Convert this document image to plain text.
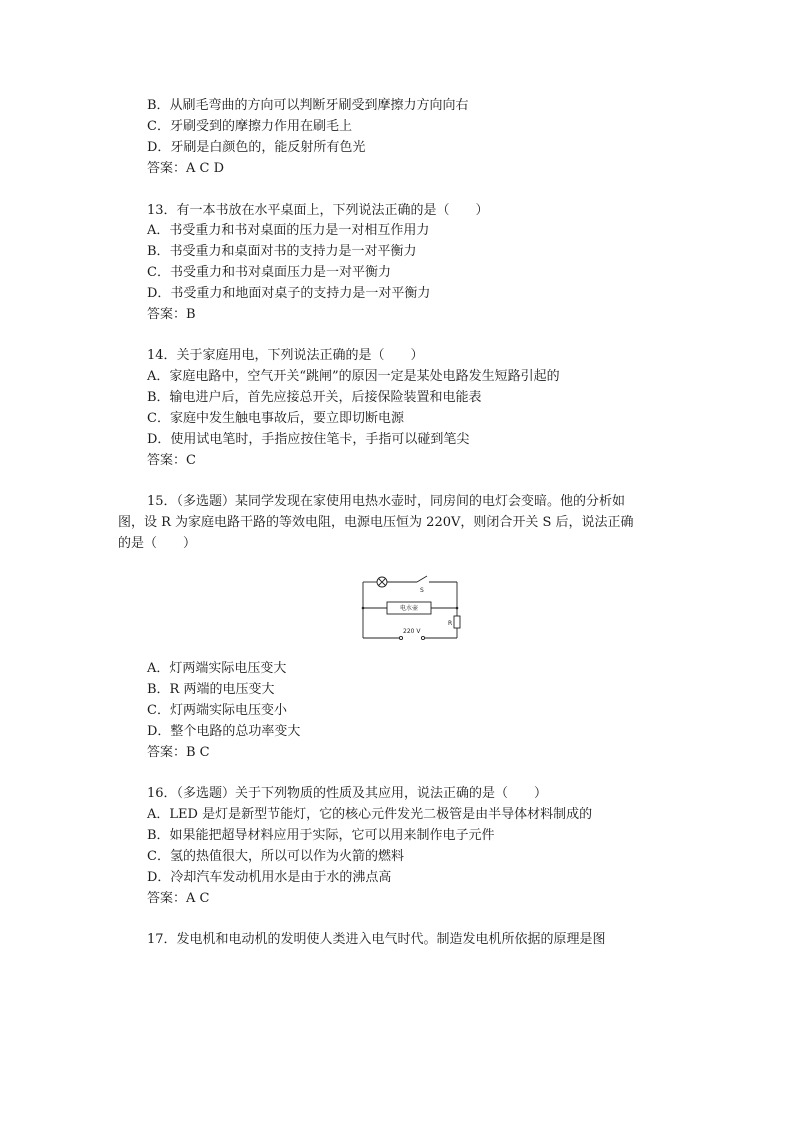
B．从刷毛弯曲的方向可以判断牙刷受到摩擦力方向向右
C．牙刷受到的摩擦力作用在刷毛上
D．牙刷是白颜色的，能反射所有色光
答案：A C D
13．有一本书放在水平桌面上，下列说法正确的是（　　）
A．书受重力和书对桌面的压力是一对相互作用力
B．书受重力和桌面对书的支持力是一对平衡力
C．书受重力和书对桌面压力是一对平衡力
D．书受重力和地面对桌子的支持力是一对平衡力
答案：B
14．关于家庭用电，下列说法正确的是（　　）
A．家庭电路中，空气开关“跳闸”的原因一定是某处电路发生短路引起的
B．输电进户后，首先应接总开关，后接保险装置和电能表
C．家庭中发生触电事故后，要立即切断电源
D．使用试电笔时，手指应按住笔卡，手指可以碰到笔尖
答案：C
15．（多选题）某同学发现在家使用电热水壶时，同房间的电灯会变暗。他的分析如
图，设 R 为家庭电路干路的等效电阻，电源电压恒为 220V，则闭合开关 S 后，说法正确
的是（　　）
S
电水壶
R
220 V
A．灯两端实际电压变大
B．R 两端的电压变大
C．灯两端实际电压变小
D．整个电路的总功率变大
答案：B C
16．（多选题）关于下列物质的性质及其应用，说法正确的是（　　）
A．LED 是灯是新型节能灯，它的核心元件发光二极管是由半导体材料制成的
B．如果能把超导材料应用于实际，它可以用来制作电子元件
C．氢的热值很大，所以可以作为火箭的燃料
D．冷却汽车发动机用水是由于水的沸点高
答案：A C
17．发电机和电动机的发明使人类进入电气时代。制造发电机所依据的原理是图
